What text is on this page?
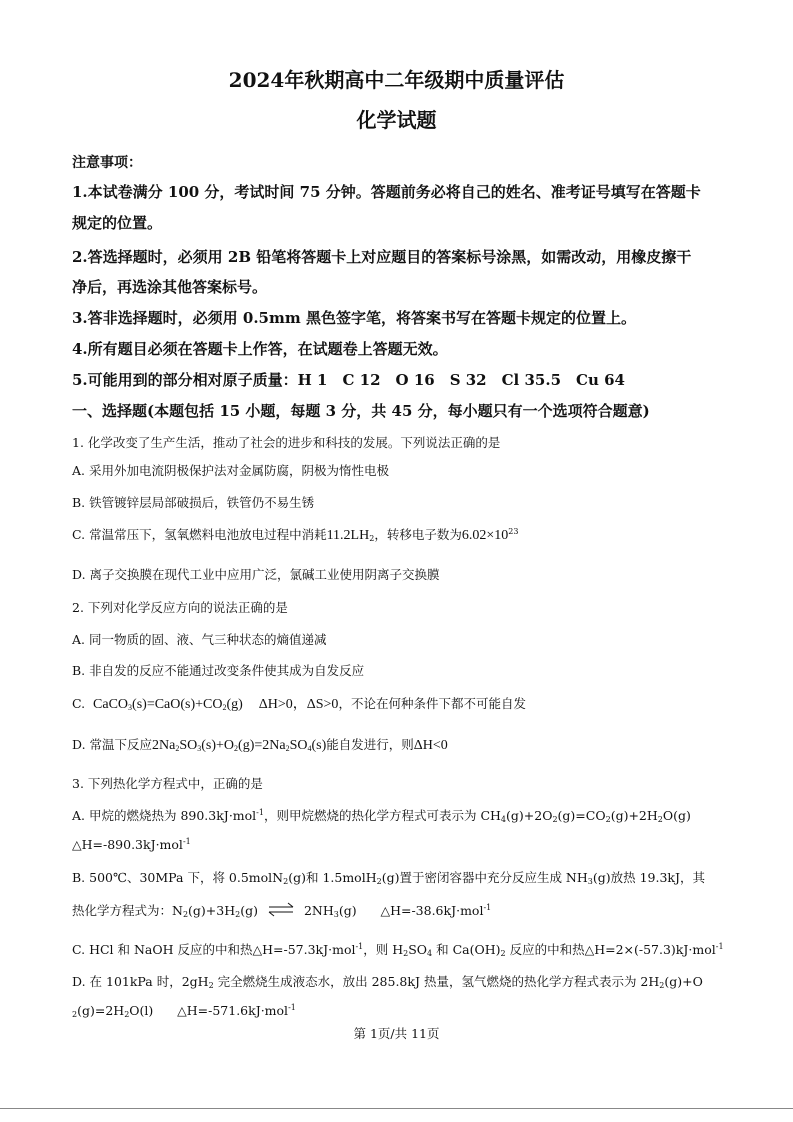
2024年秋期高中二年级期中质量评估
化学试题
注意事项：
1.本试卷满分 100 分，考试时间 75 分钟。答题前务必将自己的姓名、准考证号填写在答题卡
规定的位置。
2.答选择题时，必须用 2B 铅笔将答题卡上对应题目的答案标号涂黑，如需改动，用橡皮擦干
净后，再选涂其他答案标号。
3.答非选择题时，必须用 0.5mm 黑色签字笔，将答案书写在答题卡规定的位置上。
4.所有题目必须在答题卡上作答，在试题卷上答题无效。
5.可能用到的部分相对原子质量：H 1　C 12　O 16　S 32　Cl 35.5　Cu 64
一、选择题(本题包括 15 小题，每题 3 分，共 45 分，每小题只有一个选项符合题意)
1. 化学改变了生产生活，推动了社会的进步和科技的发展。下列说法正确的是
A. 采用外加电流阴极保护法对金属防腐，阴极为惰性电极
B. 铁管镀锌层局部破损后，铁管仍不易生锈
C. 常温常压下，氢氧燃料电池放电过程中消耗$11.2LH_2$，转移电子数为$6.02\times 10^{23}$
D. 离子交换膜在现代工业中应用广泛，氯碱工业使用阴离子交换膜
2. 下列对化学反应方向的说法正确的是
A. 同一物质的固、液、气三种状态的熵值递减
B. 非自发的反应不能通过改变条件使其成为自发反应
C. $CaCO_3(s)=CaO(s)+CO_2(g)$ ΔH>0，ΔS>0，不论在何种条件下都不可能自发
D. 常温下反应$2Na_2SO_3(s)+O_2(g)=2Na_2SO_4(s)$能自发进行，则ΔH<0
3. 下列热化学方程式中，正确的是
A. 甲烷的燃烧热为 890.3kJ·mol$^{-1}$，则甲烷燃烧的热化学方程式可表示为 $CH_4(g)+2O_2(g)=CO_2(g)+2H_2O(g)$
△H=-890.3kJ·mol$^{-1}$
B. 500℃、30MPa 下，将 0.5molN$_2$(g)和 1.5molH$_2$(g)置于密闭容器中充分反应生成 $NH_3(g)$放热 19.3kJ，其
热化学方程式为：$N_2(g)+3H_2(g)$ ⇌ $2NH_3(g)$ △H=-38.6kJ·mol$^{-1}$
C. HCl 和 NaOH 反应的中和热△H=-57.3kJ·mol$^{-1}$，则 $H_2SO_4$ 和 $Ca(OH)_2$ 反应的中和热△H=2×(-57.3)kJ·mol$^{-1}$
D. 在 101kPa 时，$2gH_2$ 完全燃烧生成液态水，放出 285.8kJ 热量，氢气燃烧的热化学方程式表示为 $2H_2(g)+O$
$_2(g)=2H_2O(l)$ △H=-571.6kJ·mol$^{-1}$
第 1页/共 11页
